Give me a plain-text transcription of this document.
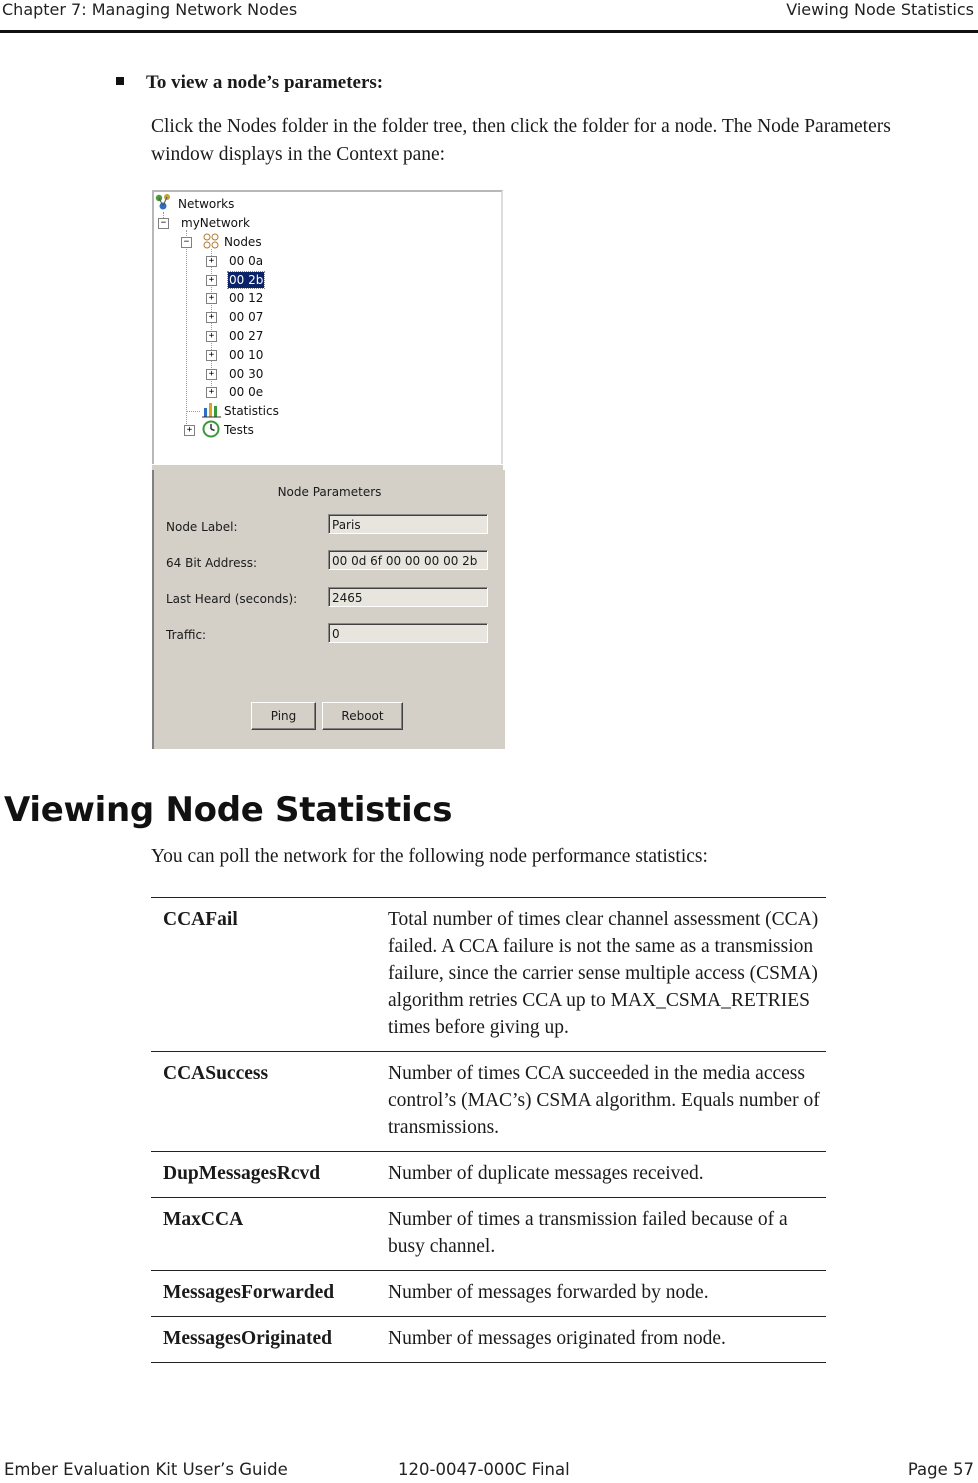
Chapter 7: Managing Network Nodes	Viewing Node Statistics
To view a node’s parameters:
Click the Nodes folder in the folder tree, then click the folder for a node. The Node Parameters window displays in the Context pane:
Networks
− myNetwork
−	Nodes
+ 00 0a
+ 00 2b
+ 00 12
+ 00 07
+ 00 27
+ 00 10
+ 00 30
+ 00 0e
Statistics
+	Tests
Node Parameters
Node Label:	Paris
64 Bit Address:	00 0d 6f 00 00 00 00 2b
Last Heard (seconds):	2465
Traffic:	0
Ping	Reboot
Viewing Node Statistics
You can poll the network for the following node performance statistics:
CCAFail	Total number of times clear channel assessment (CCA) failed. A CCA failure is not the same as a transmission failure, since the carrier sense multiple access (CSMA) algorithm retries CCA up to MAX_CSMA_RETRIES times before giving up.
CCASuccess	Number of times CCA succeeded in the media access control’s (MAC’s) CSMA algorithm. Equals number of transmissions.
DupMessagesRcvd	Number of duplicate messages received.
MaxCCA	Number of times a transmission failed because of a busy channel.
MessagesForwarded	Number of messages forwarded by node.
MessagesOriginated	Number of messages originated from node.
Ember Evaluation Kit User’s Guide	120-0047-000C Final	Page 57
